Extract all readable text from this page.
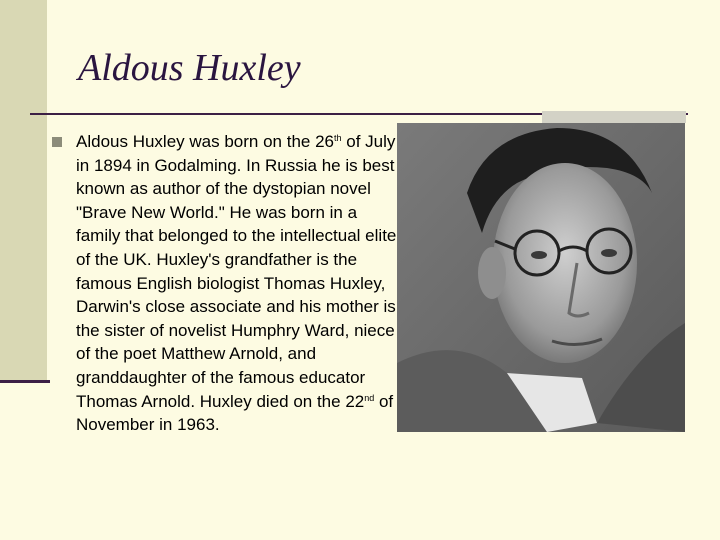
Aldous Huxley

Aldous Huxley was born on the 26th of July in 1894 in Godalming. In Russia he is best known as author of the dystopian novel "Brave New World." He was born in a family that belonged to the intellectual elite of the UK. Huxley's grandfather is the famous English biologist Thomas Huxley, Darwin's close associate and his mother is the sister of novelist Humphry Ward, niece of the poet Matthew Arnold, and granddaughter of the famous educator Thomas Arnold. Huxley died on the 22nd of November in 1963.
